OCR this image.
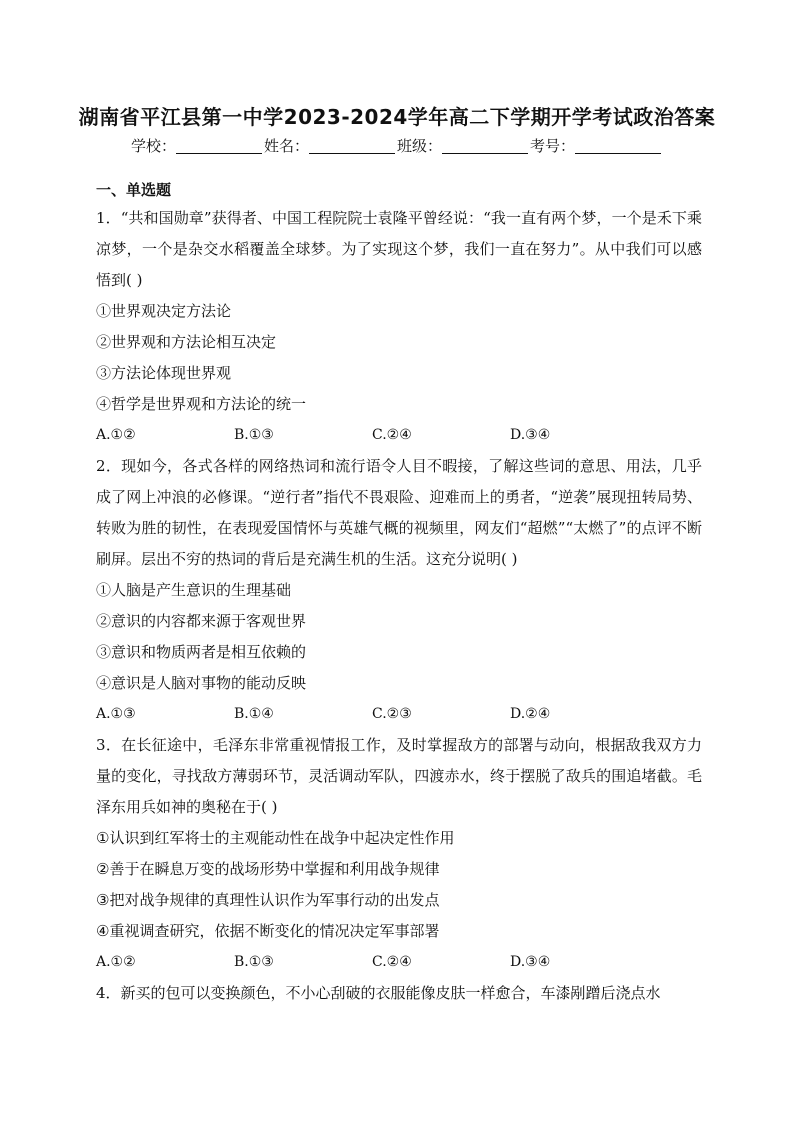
湖南省平江县第一中学2023-2024学年高二下学期开学考试政治答案
学校：	姓名：	班级：	考号：
一、单选题
1．“共和国勋章”获得者、中国工程院院士袁隆平曾经说：“我一直有两个梦，一个是禾下乘凉梦，一个是杂交水稻覆盖全球梦。为了实现这个梦，我们一直在努力”。从中我们可以感悟到( )
①世界观决定方法论
②世界观和方法论相互决定
③方法论体现世界观
④哲学是世界观和方法论的统一
A.①②	B.①③	C.②④	D.③④
2．现如今，各式各样的网络热词和流行语令人目不暇接，了解这些词的意思、用法，几乎成了网上冲浪的必修课。“逆行者”指代不畏艰险、迎难而上的勇者，“逆袭”展现扭转局势、转败为胜的韧性，在表现爱国情怀与英雄气概的视频里，网友们“超燃”“太燃了”的点评不断刷屏。层出不穷的热词的背后是充满生机的生活。这充分说明( )
①人脑是产生意识的生理基础
②意识的内容都来源于客观世界
③意识和物质两者是相互依赖的
④意识是人脑对事物的能动反映
A.①③	B.①④	C.②③	D.②④
3．在长征途中，毛泽东非常重视情报工作，及时掌握敌方的部署与动向，根据敌我双方力量的变化，寻找敌方薄弱环节，灵活调动军队，四渡赤水，终于摆脱了敌兵的围追堵截。毛泽东用兵如神的奥秘在于( )
①认识到红军将士的主观能动性在战争中起决定性作用
②善于在瞬息万变的战场形势中掌握和利用战争规律
③把对战争规律的真理性认识作为军事行动的出发点
④重视调查研究，依据不断变化的情况决定军事部署
A.①②	B.①③	C.②④	D.③④
4．新买的包可以变换颜色，不小心刮破的衣服能像皮肤一样愈合，车漆剐蹭后浇点水
